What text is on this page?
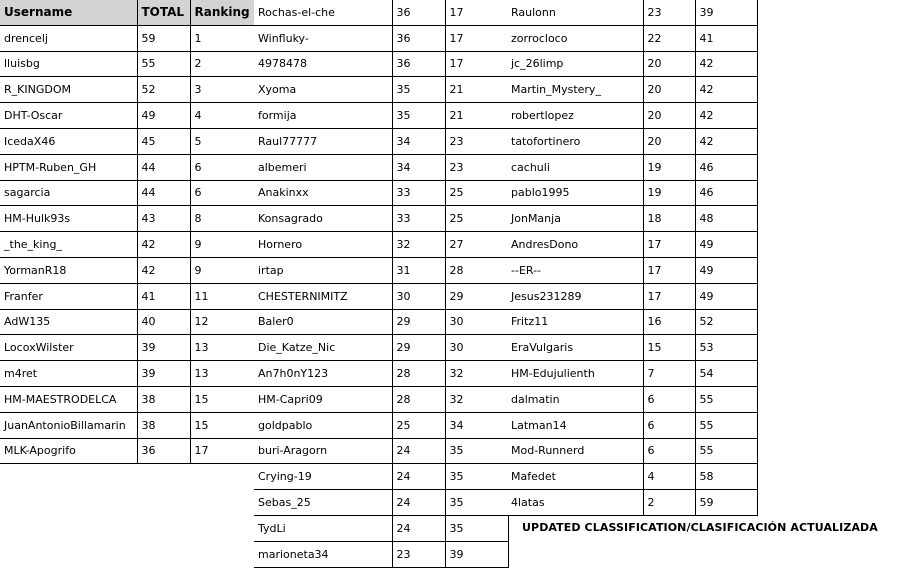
Username	TOTAL	Ranking
drencelj	59	1
lluisbg	55	2
R_KINGDOM	52	3
DHT-Oscar	49	4
IcedaX46	45	5
HPTM-Ruben_GH	44	6
sagarcia	44	6
HM-Hulk93s	43	8
_the_king_	42	9
YormanR18	42	9
Franfer	41	11
AdW135	40	12
LocoxWilster	39	13
m4ret	39	13
HM-MAESTRODELCA	38	15
JuanAntonioBillamarin	38	15
MLK-Apogrifo	36	17
Rochas-el-che	36	17
Winfluky-	36	17
4978478	36	17
Xyoma	35	21
formija	35	21
Raul77777	34	23
albemeri	34	23
Anakinxx	33	25
Konsagrado	33	25
Hornero	32	27
irtap	31	28
CHESTERNIMITZ	30	29
Baler0	29	30
Die_Katze_Nic	29	30
An7h0nY123	28	32
HM-Capri09	28	32
goldpablo	25	34
buri-Aragorn	24	35
Crying-19	24	35
Sebas_25	24	35
TydLi	24	35
marioneta34	23	39
Raulonn	23	39
zorrocloco	22	41
jc_26limp	20	42
Martin_Mystery_	20	42
robertlopez	20	42
tatofortinero	20	42
cachuli	19	46
pablo1995	19	46
JonManja	18	48
AndresDono	17	49
--ER--	17	49
Jesus231289	17	49
Fritz11	16	52
EraVulgaris	15	53
HM-Edujulienth	7	54
dalmatin	6	55
Latman14	6	55
Mod-Runnerd	6	55
Mafedet	4	58
4latas	2	59
UPDATED CLASSIFICATION/CLASIFICACIÓN ACTUALIZADA
